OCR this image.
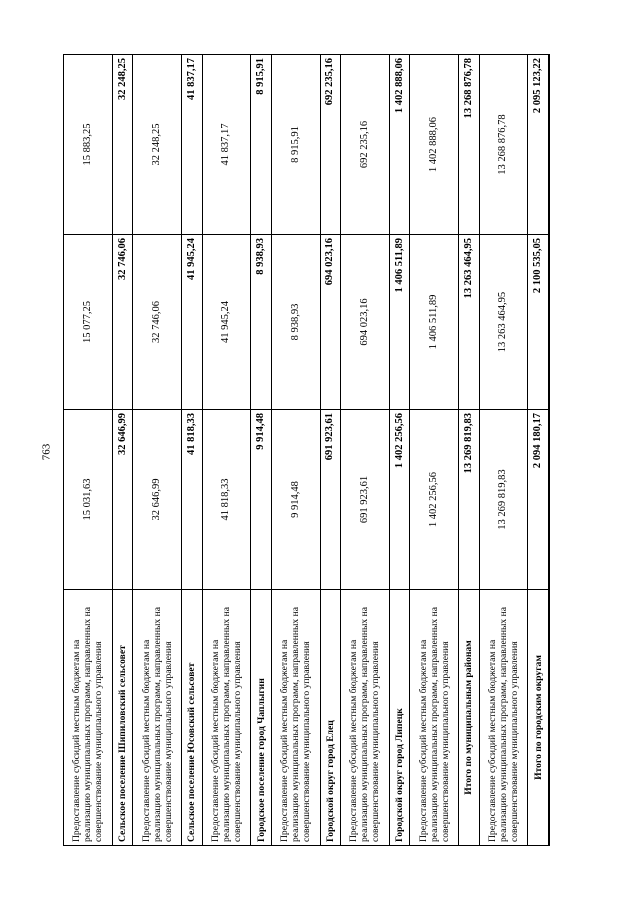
763
Предоставление субсидий местным бюджетам на реализацию муниципальных программ, направленных на совершенствование муниципального управления	15 031,63	15 077,25	15 883,25
Сельское поселение Шипиловский сельсовет	32 646,99	32 746,06	32 248,25
Предоставление субсидий местным бюджетам на реализацию муниципальных программ, направленных на совершенствование муниципального управления	32 646,99	32 746,06	32 248,25
Сельское поселение Юсовский сельсовет	41 818,33	41 945,24	41 837,17
Предоставление субсидий местным бюджетам на реализацию муниципальных программ, направленных на совершенствование муниципального управления	41 818,33	41 945,24	41 837,17
Городское поселение город Чаплыгин	9 914,48	8 938,93	8 915,91
Предоставление субсидий местным бюджетам на реализацию муниципальных программ, направленных на совершенствование муниципального управления	9 914,48	8 938,93	8 915,91
Городской округ город Елец	691 923,61	694 023,16	692 235,16
Предоставление субсидий местным бюджетам на реализацию муниципальных программ, направленных на совершенствование муниципального управления	691 923,61	694 023,16	692 235,16
Городской округ город Липецк	1 402 256,56	1 406 511,89	1 402 888,06
Предоставление субсидий местным бюджетам на реализацию муниципальных программ, направленных на совершенствование муниципального управления	1 402 256,56	1 406 511,89	1 402 888,06
Итого по муниципальным районам	13 269 819,83	13 263 464,95	13 268 876,78
Предоставление субсидий местным бюджетам на реализацию муниципальных программ, направленных на совершенствование муниципального управления	13 269 819,83	13 263 464,95	13 268 876,78
Итого по городским округам	2 094 180,17	2 100 535,05	2 095 123,22
